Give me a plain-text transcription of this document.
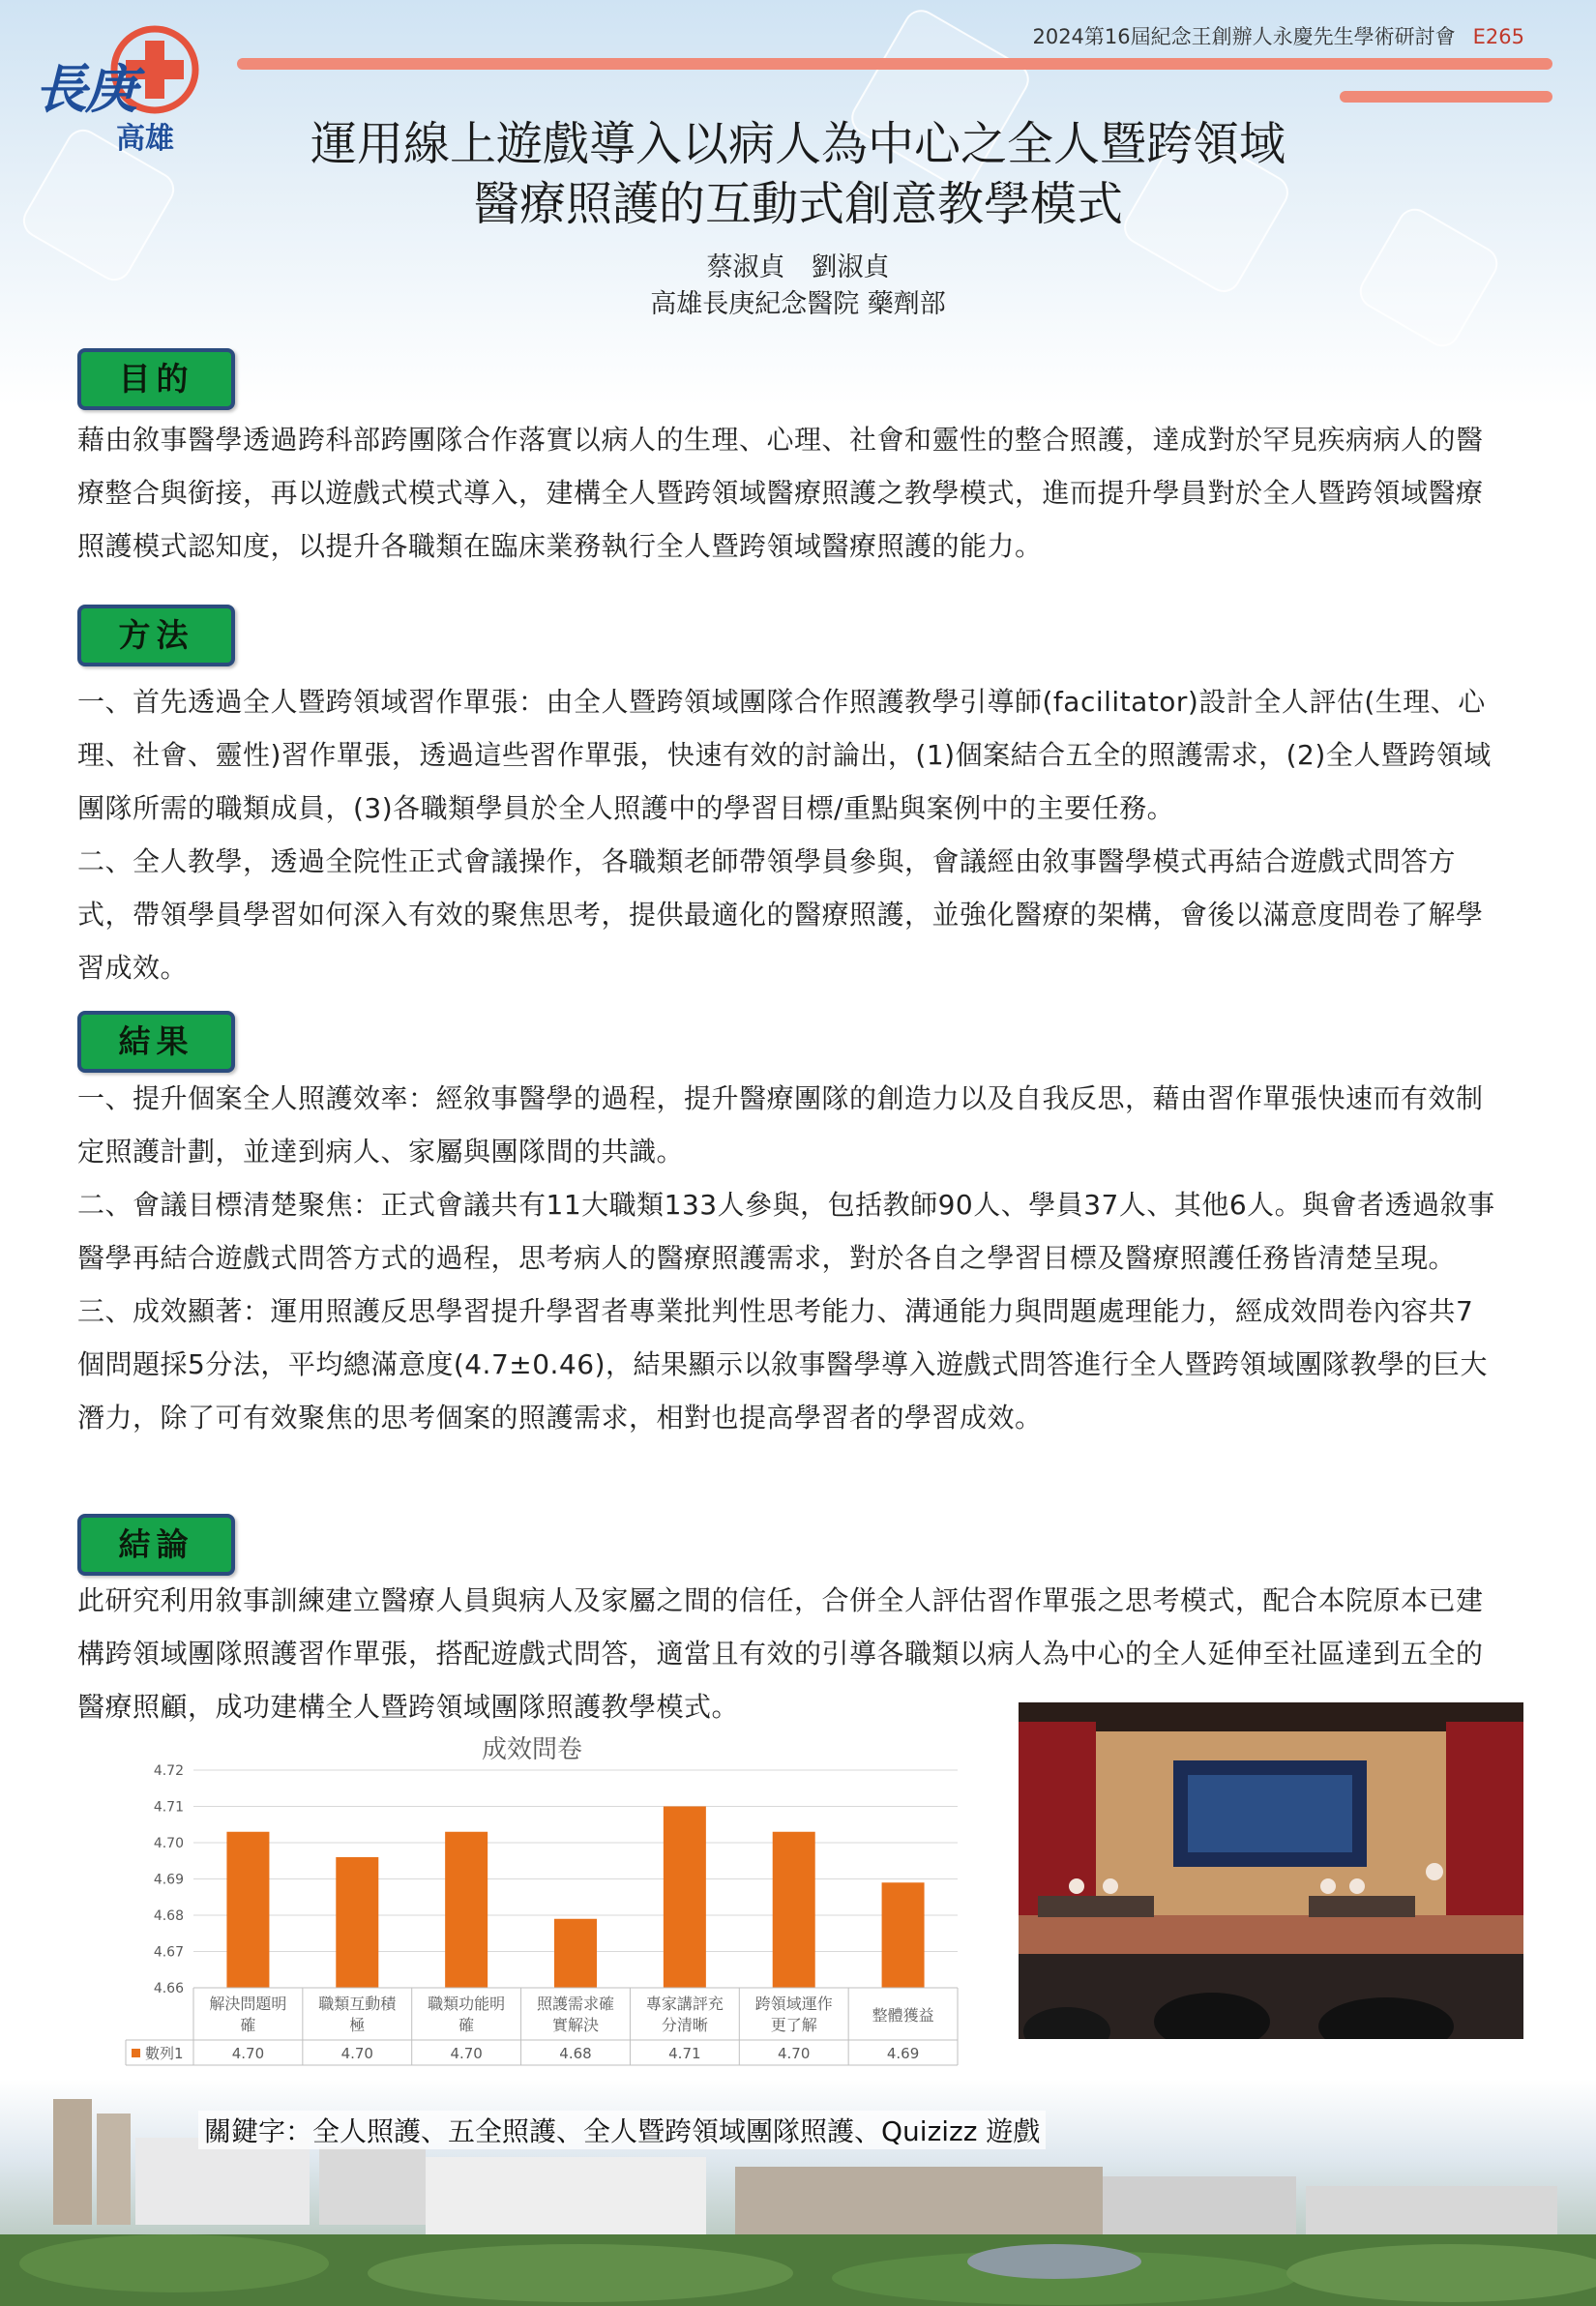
2024第16屆紀念王創辦人永慶先生學術研討會 E265
長庚
高雄	運用線上遊戲導入以病人為中心之全人暨跨領域
醫療照護的互動式創意教學模式
蔡淑貞　劉淑貞
高雄長庚紀念醫院 藥劑部
目的

藉由敘事醫學透過跨科部跨團隊合作落實以病人的生理、心理、社會和靈性的整合照護，達成對於罕見疾病病人的醫療整合與銜接，再以遊戲式模式導入，建構全人暨跨領域醫療照護之教學模式，進而提升學員對於全人暨跨領域醫療照護模式認知度，以提升各職類在臨床業務執行全人暨跨領域醫療照護的能力。

方法

一、首先透過全人暨跨領域習作單張：由全人暨跨領域團隊合作照護教學引導師(facilitator)設計全人評估(生理、心理、社會、靈性)習作單張，透過這些習作單張，快速有效的討論出，(1)個案結合五全的照護需求，(2)全人暨跨領域團隊所需的職類成員，(3)各職類學員於全人照護中的學習目標/重點與案例中的主要任務。

二、全人教學，透過全院性正式會議操作，各職類老師帶領學員參與，會議經由敘事醫學模式再結合遊戲式問答方式，帶領學員學習如何深入有效的聚焦思考，提供最適化的醫療照護，並強化醫療的架構，會後以滿意度問卷了解學習成效。

結果

一、提升個案全人照護效率：經敘事醫學的過程，提升醫療團隊的創造力以及自我反思，藉由習作單張快速而有效制定照護計劃，並達到病人、家屬與團隊間的共識。

二、會議目標清楚聚焦：正式會議共有11大職類133人參與，包括教師90人、學員37人、其他6人。與會者透過敘事醫學再結合遊戲式問答方式的過程，思考病人的醫療照護需求，對於各自之學習目標及醫療照護任務皆清楚呈現。

三、成效顯著：運用照護反思學習提升學習者專業批判性思考能力、溝通能力與問題處理能力，經成效問卷內容共7個問題採5分法，平均總滿意度(4.7±0.46)，結果顯示以敘事醫學導入遊戲式問答進行全人暨跨領域團隊教學的巨大潛力，除了可有效聚焦的思考個案的照護需求，相對也提高學習者的學習成效。

結論

此研究利用敘事訓練建立醫療人員與病人及家屬之間的信任，合併全人評估習作單張之思考模式，配合本院原本已建構跨領域團隊照護習作單張，搭配遊戲式問答，適當且有效的引導各職類以病人為中心的全人延伸至社區達到五全的醫療照顧，成功建構全人暨跨領域團隊照護教學模式。

成效問卷
4.72
4.71
4.70
4.69
4.68
4.67
4.66
解決問題明
確
4.70
職類互動積
極
4.70
職類功能明
確
4.70
照護需求確
實解決
4.68
專家講評充
分清晰
4.71
跨領域運作
更了解
4.70
整體獲益
4.69
數列1
關鍵字：全人照護、五全照護、全人暨跨領域團隊照護、Quizizz 遊戲
